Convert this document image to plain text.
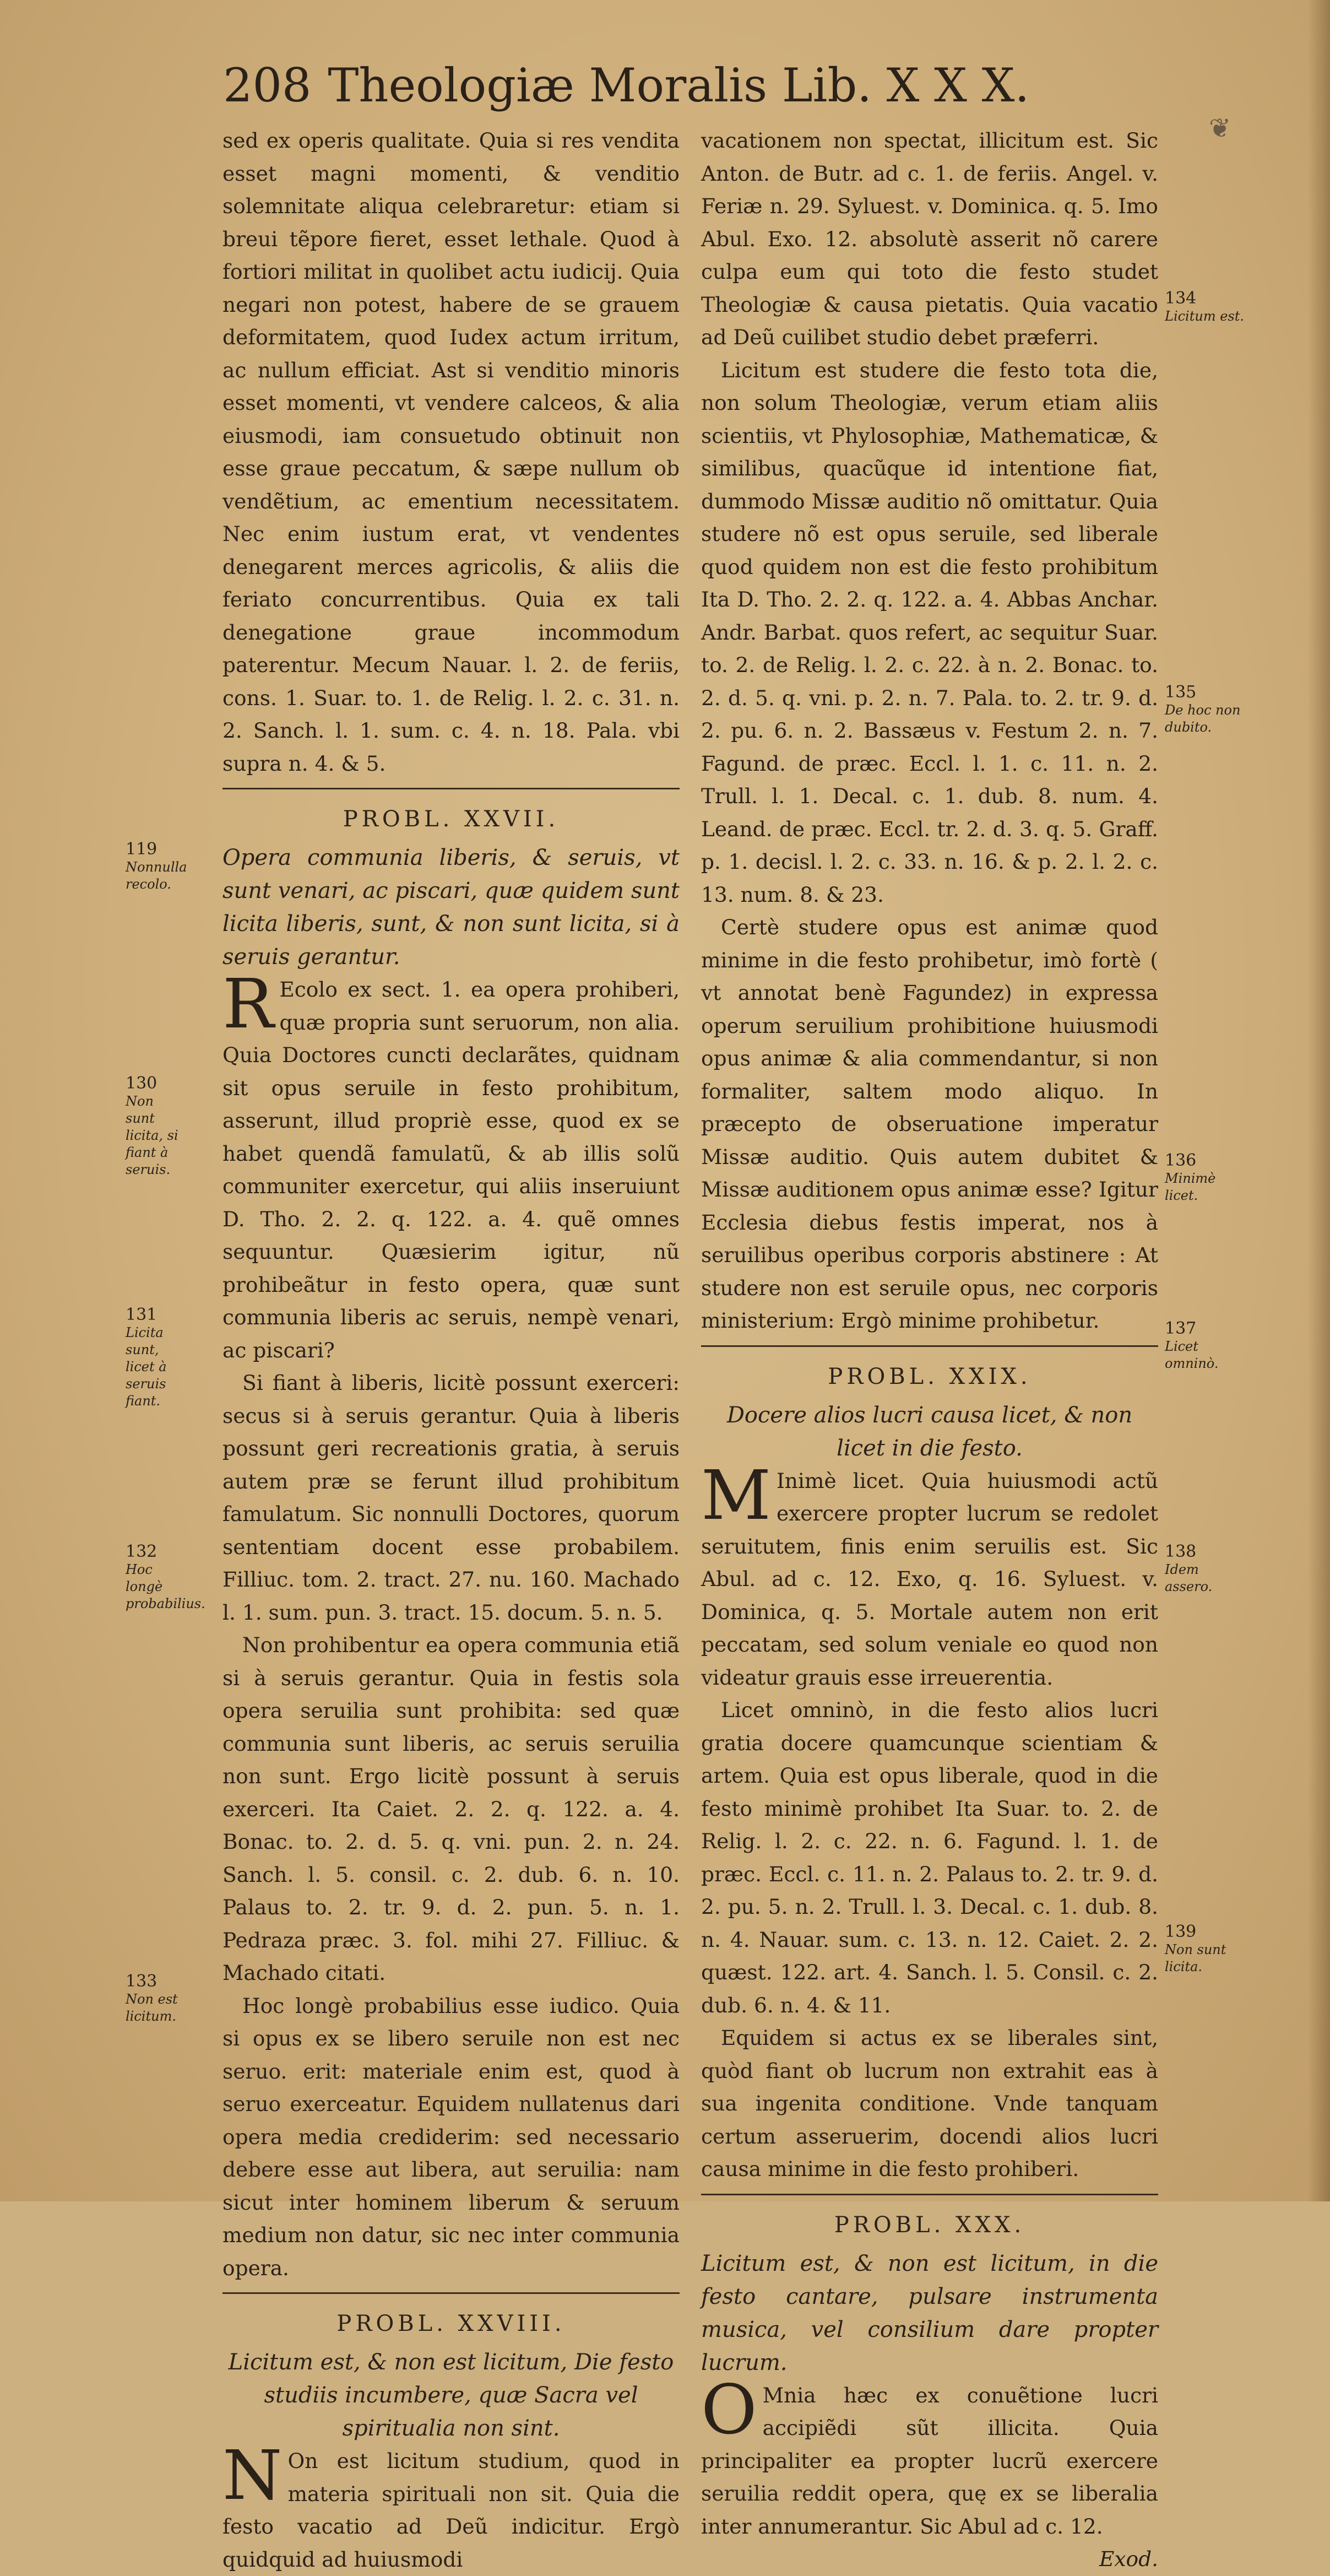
208 Theologiæ Moralis Lib. X X X.
❦

sed ex operis qualitate. Quia si res vendita esset magni momenti, & venditio solemnitate aliqua celebraretur: etiam si breui tẽpore fieret, esset lethale. Quod à fortiori militat in quolibet actu iudicij. Quia negari non potest, habere de se grauem deformitatem, quod Iudex actum irritum, ac nullum efficiat. Ast si venditio minoris esset momenti, vt vendere calceos, & alia eiusmodi, iam consuetudo obtinuit non esse graue peccatum, & sæpe nullum ob vendẽtium, ac ementium necessitatem. Nec enim iustum erat, vt vendentes denegarent merces agricolis, & aliis die feriato concurrentibus. Quia ex tali denegatione graue incommodum paterentur. Mecum Nauar. l. 2. de feriis, cons. 1. Suar. to. 1. de Relig. l. 2. c. 31. n. 2. Sanch. l. 1. sum. c. 4. n. 18. Pala. vbi supra n. 4. & 5.

PROBL. XXVII.

Opera communia liberis, & seruis, vt sunt venari, ac piscari, quæ quidem sunt licita liberis, sunt, & non sunt licita, si à seruis gerantur.

R Ecolo ex sect. 1. ea opera prohiberi, quæ propria sunt seruorum, non alia. Quia Doctores cuncti declarãtes, quidnam sit opus seruile in festo prohibitum, asserunt, illud propriè esse, quod ex se habet quendã famulatũ, & ab illis solũ communiter exercetur, qui aliis inseruiunt D. Tho. 2. 2. q. 122. a. 4. quẽ omnes sequuntur. Quæsierim igitur, nũ prohibeãtur in festo opera, quæ sunt communia liberis ac seruis, nempè venari, ac piscari?

Si fiant à liberis, licitè possunt exerceri: secus si à seruis gerantur. Quia à liberis possunt geri recreationis gratia, à seruis autem præ se ferunt illud prohibitum famulatum. Sic nonnulli Doctores, quorum sententiam docent esse probabilem. Filliuc. tom. 2. tract. 27. nu. 160. Machado l. 1. sum. pun. 3. tract. 15. docum. 5. n. 5.

Non prohibentur ea opera communia etiã si à seruis gerantur. Quia in festis sola opera seruilia sunt prohibita: sed quæ communia sunt liberis, ac seruis seruilia non sunt. Ergo licitè possunt à seruis exerceri. Ita Caiet. 2. 2. q. 122. a. 4. Bonac. to. 2. d. 5. q. vni. pun. 2. n. 24. Sanch. l. 5. consil. c. 2. dub. 6. n. 10. Palaus to. 2. tr. 9. d. 2. pun. 5. n. 1. Pedraza præc. 3. fol. mihi 27. Filliuc. & Machado citati.

Hoc longè probabilius esse iudico. Quia si opus ex se libero seruile non est nec seruo. erit: materiale enim est, quod à seruo exerceatur. Equidem nullatenus dari opera media crediderim: sed necessario debere esse aut libera, aut seruilia: nam sicut inter hominem liberum & seruum medium non datur, sic nec inter communia opera.

PROBL. XXVIII.

Licitum est, & non est licitum, Die festo studiis incumbere, quæ Sacra vel spiritualia non sint.

N On est licitum studium, quod in materia spirituali non sit. Quia die festo vacatio ad Deũ indicitur. Ergò quidquid ad huiusmodi

vacationem non spectat, illicitum est. Sic Anton. de Butr. ad c. 1. de feriis. Angel. v. Feriæ n. 29. Syluest. v. Dominica. q. 5. Imo Abul. Exo. 12. absolutè asserit nõ carere culpa eum qui toto die festo studet Theologiæ & causa pietatis. Quia vacatio ad Deũ cuilibet studio debet præferri.

Licitum est studere die festo tota die, non solum Theologiæ, verum etiam aliis scientiis, vt Phylosophiæ, Mathematicæ, & similibus, quacũque id intentione fiat, dummodo Missæ auditio nõ omittatur. Quia studere nõ est opus seruile, sed liberale quod quidem non est die festo prohibitum Ita D. Tho. 2. 2. q. 122. a. 4. Abbas Anchar. Andr. Barbat. quos refert, ac sequitur Suar. to. 2. de Relig. l. 2. c. 22. à n. 2. Bonac. to. 2. d. 5. q. vni. p. 2. n. 7. Pala. to. 2. tr. 9. d. 2. pu. 6. n. 2. Bassæus v. Festum 2. n. 7. Fagund. de præc. Eccl. l. 1. c. 11. n. 2. Trull. l. 1. Decal. c. 1. dub. 8. num. 4. Leand. de præc. Eccl. tr. 2. d. 3. q. 5. Graff. p. 1. decisl. l. 2. c. 33. n. 16. & p. 2. l. 2. c. 13. num. 8. & 23.

Certè studere opus est animæ quod minime in die festo prohibetur, imò fortè ( vt annotat benè Fagundez) in expressa operum seruilium prohibitione huiusmodi opus animæ & alia commendantur, si non formaliter, saltem modo aliquo. In præcepto de obseruatione imperatur Missæ auditio. Quis autem dubitet & Missæ auditionem opus animæ esse? Igitur Ecclesia diebus festis imperat, nos à seruilibus operibus corporis abstinere : At studere non est seruile opus, nec corporis ministerium: Ergò minime prohibetur.

PROBL. XXIX.

Docere alios lucri causa licet, & non licet in die festo.

M Inimè licet. Quia huiusmodi actũ exercere propter lucrum se redolet seruitutem, finis enim seruilis est. Sic Abul. ad c. 12. Exo, q. 16. Syluest. v. Dominica, q. 5. Mortale autem non erit peccatam, sed solum veniale eo quod non videatur grauis esse irreuerentia.

Licet omninò, in die festo alios lucri gratia docere quamcunque scientiam & artem. Quia est opus liberale, quod in die festo minimè prohibet Ita Suar. to. 2. de Relig. l. 2. c. 22. n. 6. Fagund. l. 1. de præc. Eccl. c. 11. n. 2. Palaus to. 2. tr. 9. d. 2. pu. 5. n. 2. Trull. l. 3. Decal. c. 1. dub. 8. n. 4. Nauar. sum. c. 13. n. 12. Caiet. 2. 2. quæst. 122. art. 4. Sanch. l. 5. Consil. c. 2. dub. 6. n. 4. & 11.

Equidem si actus ex se liberales sint, quòd fiant ob lucrum non extrahit eas à sua ingenita conditione. Vnde tanquam certum asseruerim, docendi alios lucri causa minime in die festo prohiberi.

PROBL. XXX.

Licitum est, & non est licitum, in die festo cantare, pulsare instrumenta musica, vel consilium dare propter lucrum.

O Mnia hæc ex conuẽtione lucri accipiẽdi sũt illicita. Quia principaliter ea propter lucrũ exercere seruilia reddit opera, quę ex se liberalia inter annumerantur. Sic Abul ad c. 12.

Exod.

119
Nonnulla recolo.
130
Non sunt licita, si fiant à seruis.
131
Licita sunt, licet à seruis fiant.
132
Hoc longè probabilius.
133
Non est licitum.
134
Licitum est.
135
De hoc non dubito.
136
Minimè licet.
137
Licet omninò.
138
Idem assero.
139
Non sunt licita.
